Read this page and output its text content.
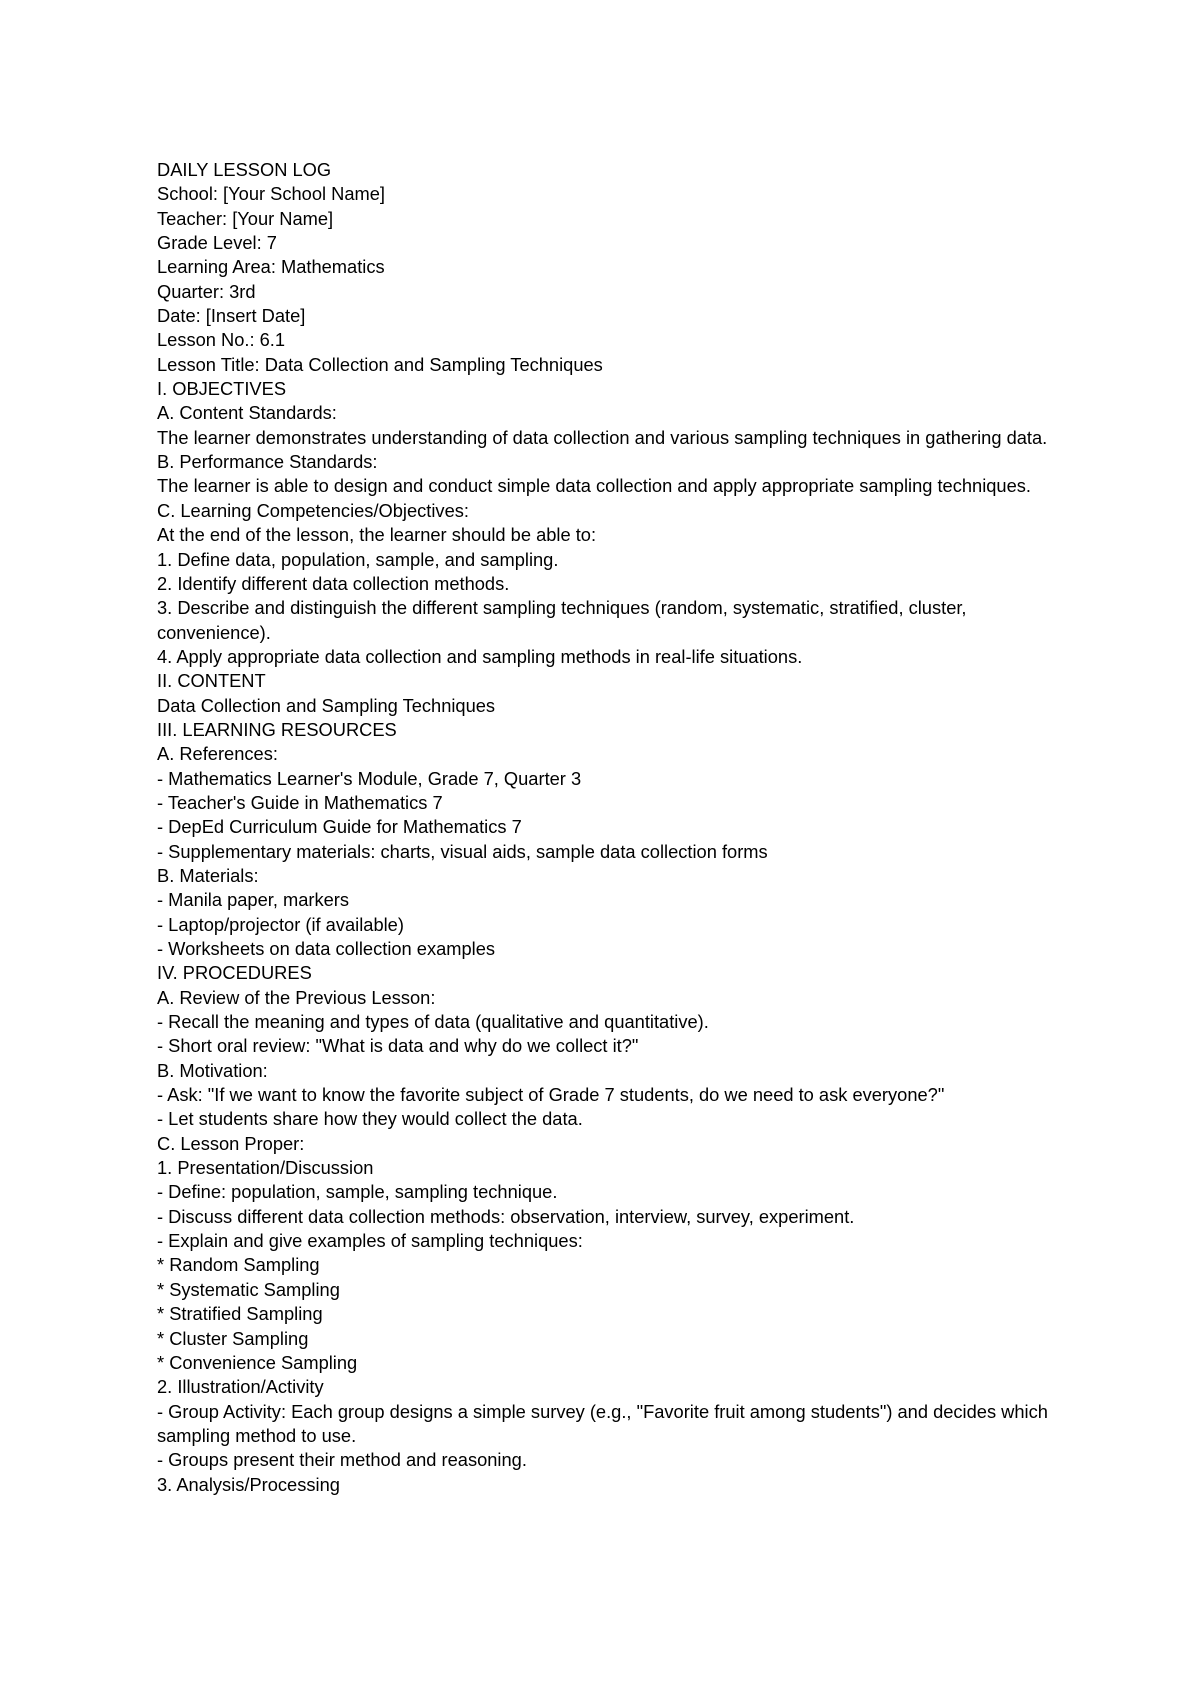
DAILY LESSON LOG
School: [Your School Name]
Teacher: [Your Name]
Grade Level: 7
Learning Area: Mathematics
Quarter: 3rd
Date: [Insert Date]
Lesson No.: 6.1
Lesson Title: Data Collection and Sampling Techniques
I. OBJECTIVES
A. Content Standards:
The learner demonstrates understanding of data collection and various sampling techniques in gathering data.
B. Performance Standards:
The learner is able to design and conduct simple data collection and apply appropriate sampling techniques.
C. Learning Competencies/Objectives:
At the end of the lesson, the learner should be able to:
1. Define data, population, sample, and sampling.
2. Identify different data collection methods.
3. Describe and distinguish the different sampling techniques (random, systematic, stratified, cluster, convenience).
4. Apply appropriate data collection and sampling methods in real-life situations.
II. CONTENT
Data Collection and Sampling Techniques
III. LEARNING RESOURCES
A. References:
- Mathematics Learner's Module, Grade 7, Quarter 3
- Teacher's Guide in Mathematics 7
- DepEd Curriculum Guide for Mathematics 7
- Supplementary materials: charts, visual aids, sample data collection forms
B. Materials:
- Manila paper, markers
- Laptop/projector (if available)
- Worksheets on data collection examples
IV. PROCEDURES
A. Review of the Previous Lesson:
- Recall the meaning and types of data (qualitative and quantitative).
- Short oral review: "What is data and why do we collect it?"
B. Motivation:
- Ask: "If we want to know the favorite subject of Grade 7 students, do we need to ask everyone?"
- Let students share how they would collect the data.
C. Lesson Proper:
1. Presentation/Discussion
- Define: population, sample, sampling technique.
- Discuss different data collection methods: observation, interview, survey, experiment.
- Explain and give examples of sampling techniques:
* Random Sampling
* Systematic Sampling
* Stratified Sampling
* Cluster Sampling
* Convenience Sampling
2. Illustration/Activity
- Group Activity: Each group designs a simple survey (e.g., "Favorite fruit among students") and decides which sampling method to use.
- Groups present their method and reasoning.
3. Analysis/Processing
